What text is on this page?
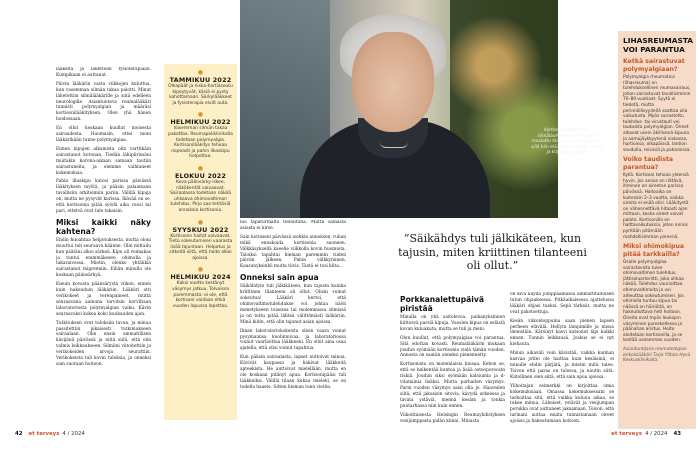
lääkeitä ja liikettoen fysioterapiaan. Kumpikaan ei auttanut.

Päivin lääkärin vasta viikkojen kuluttua, kun vasemman silmän takaa palotti. Minut lähetettiin silmälääkärille ja siitä edelleen neurologille. Asiantunteva reumalääkäri tunnisti polymyalgian ja määräsi kortisonilääkityksen. Olen yhä hänen hoidossaan.

En ollut koskaan kuullut moisesta sairaudesta. Huomasin, ettei moni lääkärikään tunne polymyalgiaa.

Ennen kipujen alkamista olin varttikäin sairastanut koronan. Tiedän lähipiirissäni muitakin korona-aikaan samaan tautiin sairastuneita, ja olemme vaihtaneet kokemuksia.

Pahin illaskipu katosi parissa päivässä lääkityksen myötä, ja pääsin palaamaan tavallisiin arkitoimiin pariin. Välillä kipuja on, mutta ne pysyvät kurissa. Ikävää on se, että kortisonia pitää syödä aika vuosi tai pari, ettetvä ovat tule takaisin.

Miksi kaikki näky kahtena?

Ehdin huoahtaa helpotuksesta, mutta oloni muuttui tuli seuraava käänne. Olin mittailu kun päätäni alkoi särkeä. Kipu oli voimakas ja tuntui enimmäkseen ohimolla ja takaraivossa. Mietin, olenko yhtäkkiä sairastanut migreeniin. Eihän minulla ole koskaan päänsärkyä.

Kieuin kovasta päänsärystä viikon, ennen kuin hakeuduin lääkäriin. Lääkäri otti verikokeet ja verenpaineet, mutta seuraavana aamuna tarvitsin korviltaan laboratoriosta polymyalgian vaiku. Kävin seuraavaksi kokea koko kuukauden ajan.

Tutkituksen ovat tuloksiin tavan, ja minua passitettiin pikaisesti tutkimukseen sairaalaan. Olin ensin ammatillisen kävijänä päivässä ja niitä siitä, että olin valmis leikkaukseen. Silmiini viitoitettiin ja verikokeiden arvoja seurattiin. Verikokeista tuli kovin tuloksia, ja onneksi sain suoraan hoitoon.

●
TAMMIKUU 2022
Olkapäät ja niska-hartiaseutu kipeytyvät, käsiä ei pysty kohottamaan. Särkylääkkeet ja fysioterapia eivät auta.
●
HELMIKUU 2022
Vasemman silmän takaa pakottaa. Reumapoliklinikalla todetaan polymyalgia. Kortisonilääkitys tehoaa nopeasti ja pahin ilkaskipu helpottaa.
●
ELOKUU 2022
Kova päänsärky iskee, näkökentät vaivaavat. Sairaalassa todetaan näköä uhkaava ohimovaltimon tulehdus. Pirjo saa tehtäviä annoksia kortisonia.
●
SYYSKUU 2022
Kortisonin haitat vaivaavat. Tieto sokeutumisen vaarasta lisää tajuntaan. Helpotus ja sitkeitä siitä, että hoito alkoi ajoissa.
●
HELMIKUU 2024
Kaksi vuotta kestänyt väsymys jatkuu. Tolvoissa paremmasta: ei ole, että kortisoni voidaan ehkä vuoden lopussa lopettaa.

hoi tapaturmalta tietoiltuna. Mutta samasta asiasta ei kirse.

Sain kotinseni päivässä isohkin annoksen, ruhan mikä ennakoida kortisonia suoneen. Välkkäsyksellä kaeelle viikkolla kovin huomiota. Taloiksi tapahtui hieman paremmin viiden päivän jälkeen. Pahin välkkyminen. Kaasunyksinkö mutta tiivis. Tästä ei tosi kilta...

Onneksi sain apua

Säikähdyin tuli jälkikäteen, kun tajusin kuinka kriittinen tilanteeni oli ollut. Olisin voinut sokeutua! Lääkäri kertoi, että ohimovaltimotulehdukse voi johtaa näön menetykseen toisessa tai molemmissa silmissä ja on tuttu pitää lähteä välittömästi lääkäriin. Minä kiitin, että olin tajunut asian ajoissa.

Ilman laboratoriokokeista olisin vaara voinut pysymaansa kuolinnuvaa, ja laboratoriossa voinut vaarlioittaa lääkkeeni. En ollut aina osaa ajatella, että olisi voinut tapahtua.

Kun pääsin sairaalasta, lapset auttoivat minua. Kävivät kaupassa ja hakivat lääkkeitä apteekista. He auttoivat mielellään, mutta en ole koskaan pitänyt apua. Kortisonipääsi tuli lääkkeiksi. Välillä tilaan kukaa mieleki, se on todella haaste. Sitten hieman tuen vietiin.

42 et terveys 4 / 2024
Kortisonilääkitykseen silmälauhkassa olisi lopulta maalattu tämän vuoden lopussa, sillä hän elää aina kalliolta välittä ja kilpailun ajoissa.
Porkkanalettupäivä piristää

Minulla on yhä saitolevoa, paikanyksinnen kiittosvä parsiä kipuja. Vuosien kipua on selästä kovan kuluakuta, mutta se tuli ja meni.

Olen kuullut, että polymyalgiaa voi parantua. Sitä odottan kovasti. Reumalääkärin mukaan joudun syömään kortisonia vielä tämän vuoden. Annosta on saatiin onneksi pienennetty.

Kortisonista on monenlaisia kiusaa. Kehon se, että se heikentää kuntoa ja lisää osteoporoosin riskiä. Joudun siksi syömään kalsiumia ja d-vitamiinia lisäksi. Mutta parhaiten väsymys. Parin vuoden väsymys saisi olla jo. Haaveilen siitä, että jaksaisin sitovia, kävydä arkeessa ja tavata ystäviä, mennä kesäm ja tonkia puutarhassa niin kuin ennen.

Viikoittaisesta Helsingin Reumayhdistyksen vesijumppasta pidän kiinni. Minusta

on kiva käydä jumppaamassa ammattitaitoisen tutun ohjauksessa. Pitkäaikaisessa ajattelussa lääkäri ohjasi tueksi. Sepä tärkeät, mutta ne ovat pakotsettuja.

Kesän viikonloppuina saan pienen lapsen perheen elävillä. Hellyin lämpimille ja niissa ilmeistäin. Kärsinyt kasvi katsonut läpi kaikki ennen. Tunnin leikkausä. Joskus se ei nyt kiehauta.

Minun aikaväli voin kävistää, vaikka kunhan kasvaa jottei ole haittaa kuin kesäisinä, ei minulle ehdin pärjätä, ja mietin mitä tulee. Toivon että paras on tulossa, ja nautin siitä. Kiitollinen olen siitä, että sain apua ajoissa.

Ylihoitajan esimerkki on kirjoittaa omia kokemuksiaan. Omassa kokemuksessani se tarkoittaa sitä, että vaikka kuluuu aikaa, se tukee minua. Läheiset, ystävät ja vesijumpan porukka ovat auttaneet jaksamaan. Toivon, että tarinani auttaa muita tunnistamaan oireet ajoissa ja hakeutumaan hoitoon.

LIHASREUMASTA VOI PARANTUA
Ketkä sairastuvat polymyalgiaan?

Polymyalgia rheumatica (lihasreuma) on tulehduksellinen reumasairaus, johon sairastuvat tavallisimmin 70–80-vuotiaat. Syytä ei tiedetä, mutta perinnöllisyydellä saattaa olla vaikutusta. Myös sairastettu tulehdus- tai virustauti voi laukaista polymyalgian. Oireet alkavat usein äkillisenä kipuna ja aamujäykkyytenä niskassa, hartioissa, olkapäissä, lantion seudulla, reisissä ja pakaroissa.

Voiko taudista parantua?

Kyllä. Kortisoni tehoaa yleensä hyvin. Jos annos on riittävä, ihminen on oireeton parissa päivässä. Hoitoaika on kuitenkin 2–3 vuotta, vaikka oireita ei enää olisi. Lääkitystä on vähennettävä hitaasti ajan mittaan, koska oireet voivat palata. Kortisonilla on haittavaikutuksia, joten annos pyritään pitämään mahdollisimman pienenä.

Miksi ohimokipua pitää tarkkailla?

Osalle polymyalgiaa sairastavista tulee ohimovaltimon tulehdus, jättisoluarteriitti, joka uhkaa näköä. Tulehdus vaurioittaa ohimovaltimoita ja voi aiheuttaa sokeutumisen. Jos ohimolla tuntuu kipua tai näössä on häiriöitä, on hakeuduttava heti hoitoon. Oireita ovat myös leukojen väsyminen pureskellessa ja päänahan aristus. Hoito aloitetaan kortisonilla, ja se kestää useamman vuoden.

Asiantuntijana reumatologian erikoislääkäri Tarja Ylitalo Hyvä Keskusklinikalta.

et terveys 4 / 2024 43
”Säikähdys tuli jälkikäteen, kun tajusin, miten kriittinen tilanteeni oli ollut.”
